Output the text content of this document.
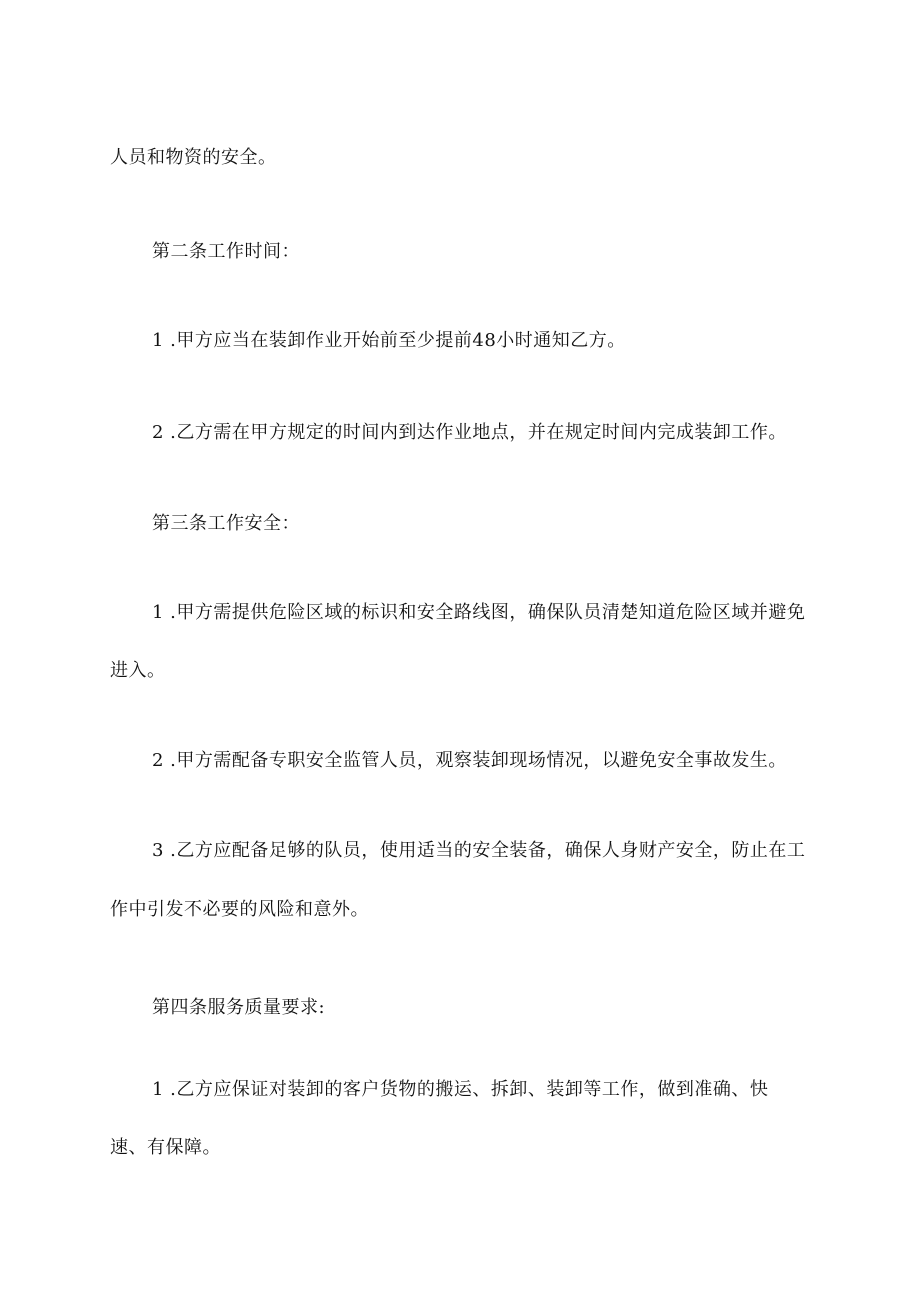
人员和物资的安全。
第二条工作时间：
1 .甲方应当在装卸作业开始前至少提前48小时通知乙方。
2 .乙方需在甲方规定的时间内到达作业地点，并在规定时间内完成装卸工作。
第三条工作安全：
1 .甲方需提供危险区域的标识和安全路线图，确保队员清楚知道危险区域并避免
进入。
2 .甲方需配备专职安全监管人员，观察装卸现场情况，以避免安全事故发生。
3 .乙方应配备足够的队员，使用适当的安全装备，确保人身财产安全，防止在工
作中引发不必要的风险和意外。
第四条服务质量要求:
1 .乙方应保证对装卸的客户货物的搬运、拆卸、装卸等工作，做到准确、快
速、有保障。
